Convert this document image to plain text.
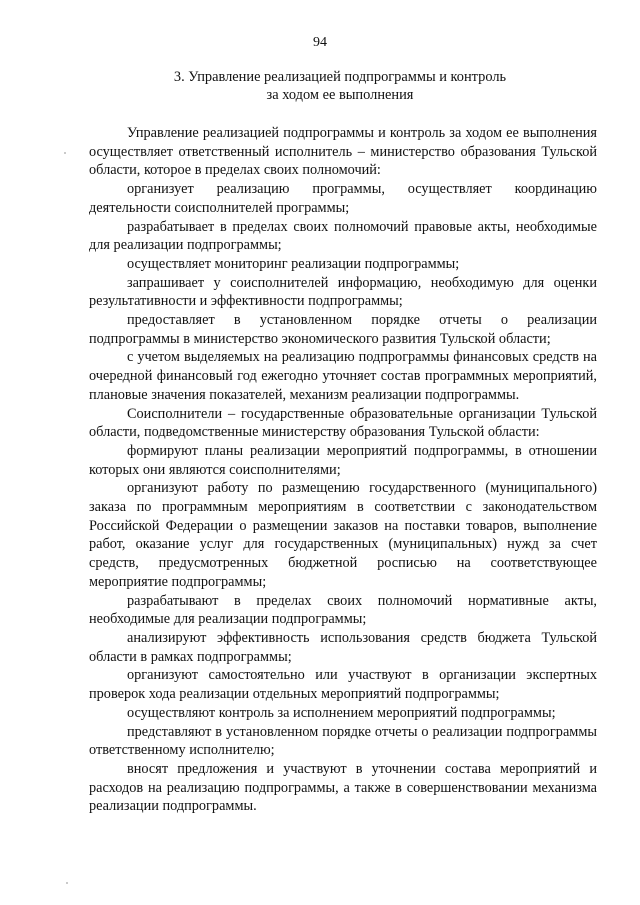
94
3. Управление реализацией подпрограммы и контроль
за ходом ее выполнения

Управление реализацией подпрограммы и контроль за ходом ее выполнения осуществляет ответственный исполнитель – министерство образования Тульской области, которое в пределах своих полномочий:

организует реализацию программы, осуществляет координацию деятельности соисполнителей программы;

разрабатывает в пределах своих полномочий правовые акты, необходимые для реализации подпрограммы;

осуществляет мониторинг реализации подпрограммы;

запрашивает у соисполнителей информацию, необходимую для оценки результативности и эффективности подпрограммы;

предоставляет в установленном порядке отчеты о реализации подпрограммы в министерство экономического развития Тульской области;

с учетом выделяемых на реализацию подпрограммы финансовых средств на очередной финансовый год ежегодно уточняет состав программных мероприятий, плановые значения показателей, механизм реализации подпрограммы.

Соисполнители – государственные образовательные организации Тульской области, подведомственные министерству образования Тульской области:

формируют планы реализации мероприятий подпрограммы, в отношении которых они являются соисполнителями;

организуют работу по размещению государственного (муниципального) заказа по программным мероприятиям в соответствии с законодательством Российской Федерации о размещении заказов на поставки товаров, выполнение работ, оказание услуг для государственных (муниципальных) нужд за счет средств, предусмотренных бюджетной росписью на соответствующее мероприятие подпрограммы;

разрабатывают в пределах своих полномочий нормативные акты, необходимые для реализации подпрограммы;

анализируют эффективность использования средств бюджета Тульской области в рамках подпрограммы;

организуют самостоятельно или участвуют в организации экспертных проверок хода реализации отдельных мероприятий подпрограммы;

осуществляют контроль за исполнением мероприятий подпрограммы;

представляют в установленном порядке отчеты о реализации подпрограммы ответственному исполнителю;

вносят предложения и участвуют в уточнении состава мероприятий и расходов на реализацию подпрограммы, а также в совершенствовании механизма реализации подпрограммы.
